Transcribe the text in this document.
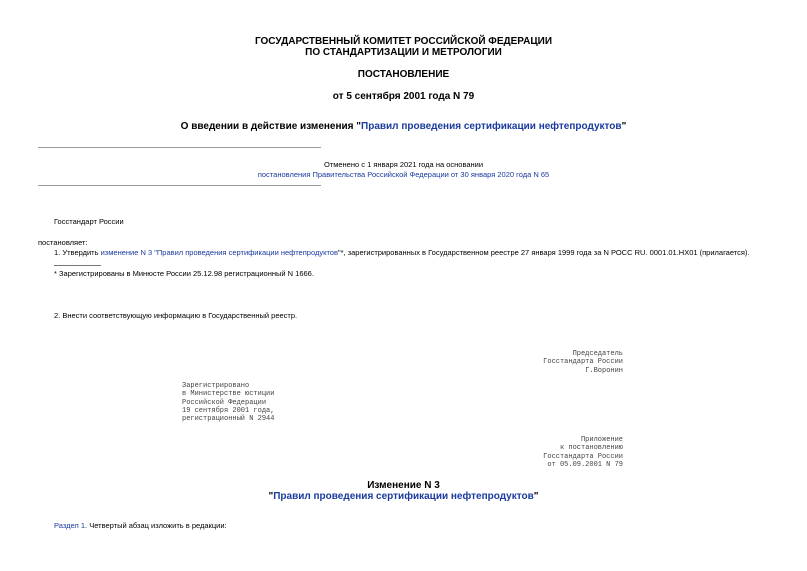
ГОСУДАРСТВЕННЫЙ КОМИТЕТ РОССИЙСКОЙ ФЕДЕРАЦИИ
ПО СТАНДАРТИЗАЦИИ И МЕТРОЛОГИИ
ПОСТАНОВЛЕНИЕ
от 5 сентября 2001 года N 79
О введении в действие изменения "Правил проведения сертификации нефтепродуктов"
Отменено с 1 января 2021 года на основании
постановления Правительства Российской Федерации от 30 января 2020 года N 65
Госстандарт России
постановляет:
1. Утвердить изменение N 3 "Правил проведения сертификации нефтепродуктов"*, зарегистрированных в Государственном реестре 27 января 1999 года за N РОСС RU. 0001.01.НХ01 (прилагается).
* Зарегистрированы в Минюсте России 25.12.98 регистрационный N 1666.
2. Внести соответствующую информацию в Государственный реестр.
Председатель
Госстандарта России
Г.Воронин
Зарегистрировано
в Министерстве юстиции
Российской Федерации
19 сентября 2001 года,
регистрационный N 2944
Приложение
к постановлению
Госстандарта России
от 05.09.2001 N 79
Изменение N 3
"Правил проведения сертификации нефтепродуктов"
Раздел 1. Четвертый абзац изложить в редакции:
